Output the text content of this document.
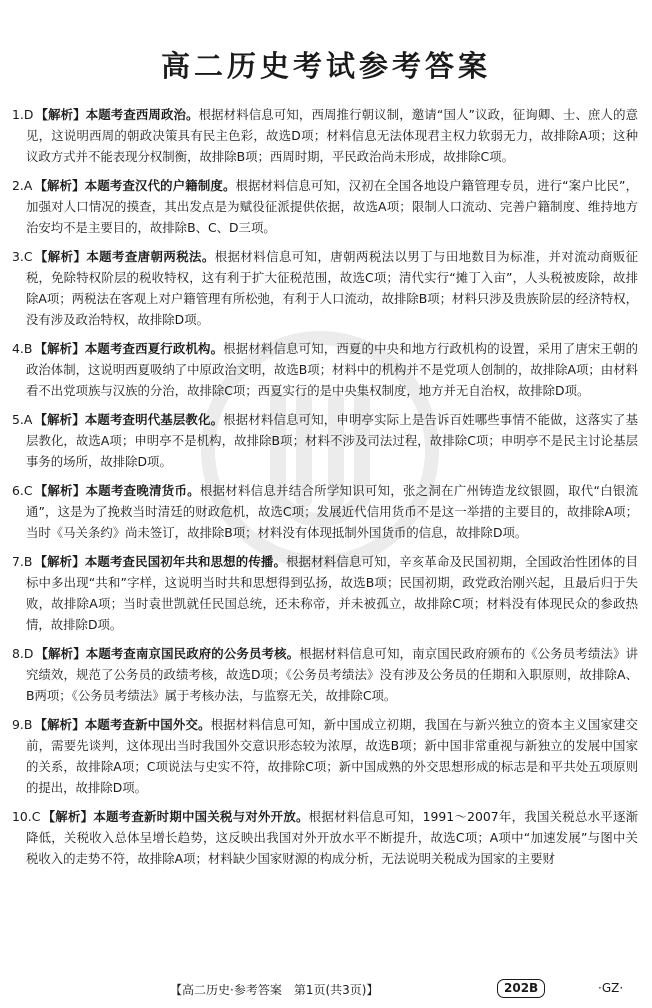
高二历史考试参考答案
1.D 【解析】本题考查西周政治。根据材料信息可知，西周推行朝议制，邀请“国人”议政，征询卿、士、庶人的意见，这说明西周的朝政决策具有民主色彩，故选D项；材料信息无法体现君主权力软弱无力，故排除A项；这种议政方式并不能表现分权制衡，故排除B项；西周时期，平民政治尚未形成，故排除C项。
2.A 【解析】本题考查汉代的户籍制度。根据材料信息可知，汉初在全国各地设户籍管理专员，进行“案户比民”，加强对人口情况的摸查，其出发点是为赋役征派提供依据，故选A项；限制人口流动、完善户籍制度、维持地方治安均不是主要目的，故排除B、C、D三项。
3.C 【解析】本题考查唐朝两税法。根据材料信息可知，唐朝两税法以男丁与田地数目为标准，并对流动商贩征税，免除特权阶层的税收特权，这有利于扩大征税范围，故选C项；清代实行“摊丁入亩”，人头税被废除，故排除A项；两税法在客观上对户籍管理有所松弛，有利于人口流动，故排除B项；材料只涉及贵族阶层的经济特权，没有涉及政治特权，故排除D项。
4.B 【解析】本题考查西夏行政机构。根据材料信息可知，西夏的中央和地方行政机构的设置，采用了唐宋王朝的政治体制，这说明西夏吸纳了中原政治文明，故选B项；材料中的机构并不是党项人创制的，故排除A项；由材料看不出党项族与汉族的分治，故排除C项；西夏实行的是中央集权制度，地方并无自治权，故排除D项。
5.A 【解析】本题考查明代基层教化。根据材料信息可知，申明亭实际上是告诉百姓哪些事情不能做，这落实了基层教化，故选A项；申明亭不是机构，故排除B项；材料不涉及司法过程，故排除C项；申明亭不是民主讨论基层事务的场所，故排除D项。
6.C 【解析】本题考查晚清货币。根据材料信息并结合所学知识可知，张之洞在广州铸造龙纹银圆，取代“白银流通”，这是为了挽救当时清廷的财政危机，故选C项；发展近代信用货币不是这一举措的主要目的，故排除A项；当时《马关条约》尚未签订，故排除B项；材料没有体现抵制外国货币的信息，故排除D项。
7.B 【解析】本题考查民国初年共和思想的传播。根据材料信息可知，辛亥革命及民国初期，全国政治性团体的目标中多出现“共和”字样，这说明当时共和思想得到弘扬，故选B项；民国初期，政党政治刚兴起，且最后归于失败，故排除A项；当时袁世凯就任民国总统，还未称帝，并未被孤立，故排除C项；材料没有体现民众的参政热情，故排除D项。
8.D 【解析】本题考查南京国民政府的公务员考核。根据材料信息可知，南京国民政府颁布的《公务员考绩法》讲究绩效，规范了公务员的政绩考核，故选D项；《公务员考绩法》没有涉及公务员的任期和入职原则，故排除A、B两项；《公务员考绩法》属于考核办法，与监察无关，故排除C项。
9.B 【解析】本题考查新中国外交。根据材料信息可知，新中国成立初期，我国在与新兴独立的资本主义国家建交前，需要先谈判，这体现出当时我国外交意识形态较为浓厚，故选B项；新中国非常重视与新独立的发展中国家的关系，故排除A项；C项说法与史实不符，故排除C项；新中国成熟的外交思想形成的标志是和平共处五项原则的提出，故排除D项。
10.C 【解析】本题考查新时期中国关税与对外开放。根据材料信息可知，1991～2007年，我国关税总水平逐渐降低，关税收入总体呈增长趋势，这反映出我国对外开放水平不断提升，故选C项；A项中“加速发展”与图中关税收入的走势不符，故排除A项；材料缺少国家财源的构成分析，无法说明关税成为国家的主要财
【高二历史·参考答案　第1页(共3页)】	202B	·GZ·
